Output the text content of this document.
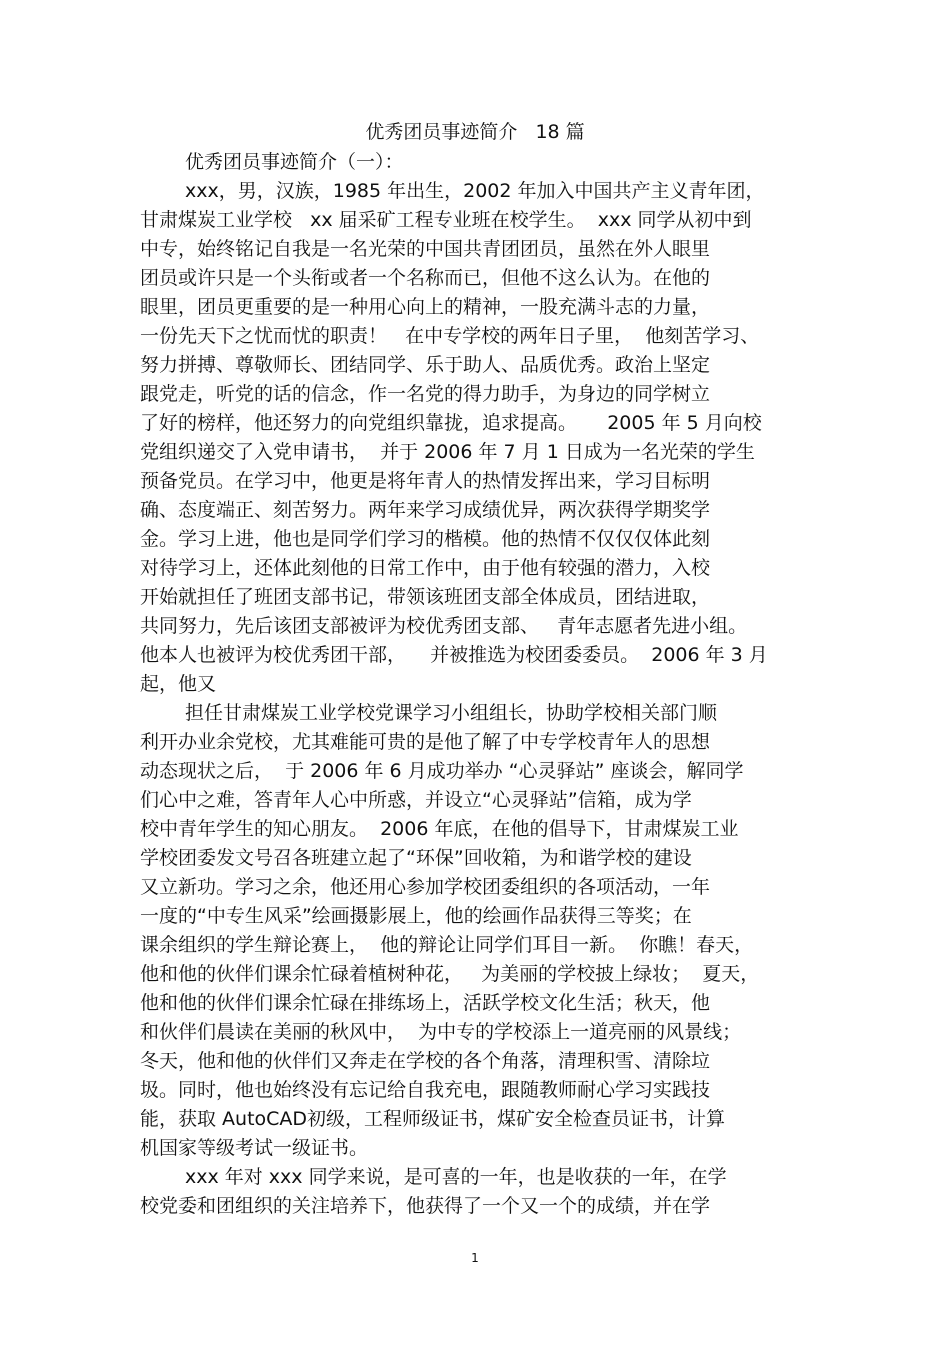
优秀团员事迹简介   18 篇
优秀团员事迹简介（一）：
xxx，男，汉族，1985 年出生，2002 年加入中国共产主义青年团，
甘肃煤炭工业学校   xx 届采矿工程专业班在校学生。  xxx 同学从初中到
中专，始终铭记自我是一名光荣的中国共青团团员，虽然在外人眼里
团员或许只是一个头衔或者一个名称而已，但他不这么认为。在他的
眼里，团员更重要的是一种用心向上的精神，一股充满斗志的力量，
一份先天下之忧而忧的职责！   在中专学校的两年日子里，  他刻苦学习、
努力拼搏、尊敬师长、团结同学、乐于助人、品质优秀。政治上坚定
跟党走，听党的话的信念，作一名党的得力助手，为身边的同学树立
了好的榜样，他还努力的向党组织靠拢，追求提高。     2005 年 5 月向校
党组织递交了入党申请书，  并于 2006 年 7 月 1 日成为一名光荣的学生
预备党员。在学习中，他更是将年青人的热情发挥出来，学习目标明
确、态度端正、刻苦努力。两年来学习成绩优异，两次获得学期奖学
金。学习上进，他也是同学们学习的楷模。他的热情不仅仅仅体此刻
对待学习上，还体此刻他的日常工作中，由于他有较强的潜力，入校
开始就担任了班团支部书记，带领该班团支部全体成员，团结进取，
共同努力，先后该团支部被评为校优秀团支部、   青年志愿者先进小组。
他本人也被评为校优秀团干部，    并被推选为校团委委员。  2006 年 3 月
起，他又
担任甘肃煤炭工业学校党课学习小组组长，协助学校相关部门顺
利开办业余党校，尤其难能可贵的是他了解了中专学校青年人的思想
动态现状之后，  于 2006 年 6 月成功举办 “心灵驿站” 座谈会，解同学
们心中之难，答青年人心中所惑，并设立“心灵驿站”信箱，成为学
校中青年学生的知心朋友。  2006 年底，在他的倡导下，甘肃煤炭工业
学校团委发文号召各班建立起了“环保”回收箱，为和谐学校的建设
又立新功。学习之余，他还用心参加学校团委组织的各项活动，一年
一度的“中专生风采”绘画摄影展上，他的绘画作品获得三等奖；在
课余组织的学生辩论赛上，  他的辩论让同学们耳目一新。  你瞧！春天，
他和他的伙伴们课余忙碌着植树种花，   为美丽的学校披上绿妆；  夏天，
他和他的伙伴们课余忙碌在排练场上，活跃学校文化生活；秋天，他
和伙伴们晨读在美丽的秋风中，  为中专的学校添上一道亮丽的风景线；
冬天，他和他的伙伴们又奔走在学校的各个角落，清理积雪、清除垃
圾。同时，他也始终没有忘记给自我充电，跟随教师耐心学习实践技
能，获取 AutoCAD初级，工程师级证书，煤矿安全检查员证书，计算
机国家等级考试一级证书。
xxx 年对 xxx 同学来说，是可喜的一年，也是收获的一年，在学
校党委和团组织的关注培养下，他获得了一个又一个的成绩，并在学
1
